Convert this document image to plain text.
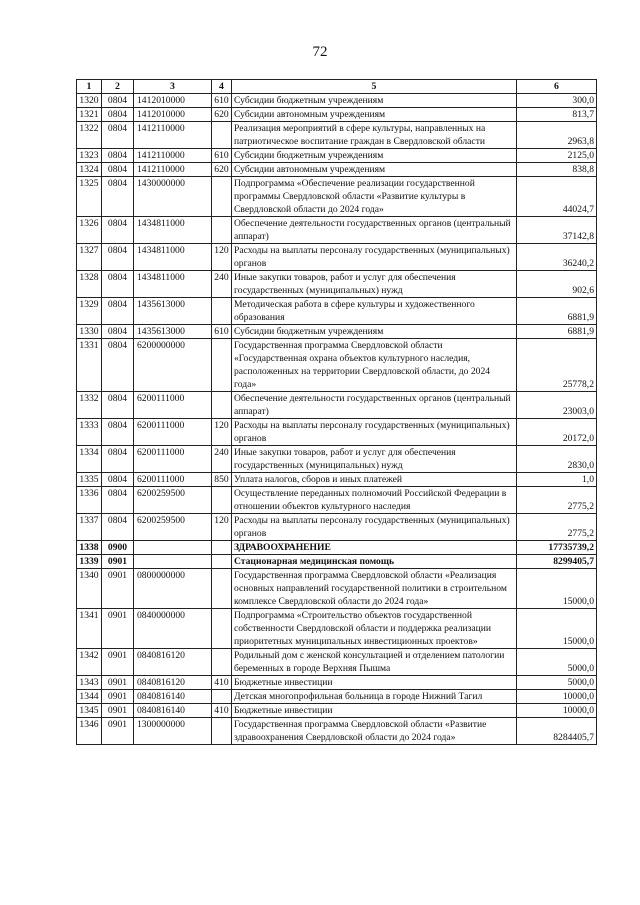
72
1	2	3	4	5	6
1320	0804	1412010000	610	Субсидии бюджетным учреждениям	300,0
1321	0804	1412010000	620	Субсидии автономным учреждениям	813,7
1322	0804	1412110000		Реализация мероприятий в сфере культуры, направленных на патриотическое воспитание граждан в Свердловской области	2963,8
1323	0804	1412110000	610	Субсидии бюджетным учреждениям	2125,0
1324	0804	1412110000	620	Субсидии автономным учреждениям	838,8
1325	0804	1430000000		Подпрограмма «Обеспечение реализации государственной программы Свердловской области «Развитие культуры в Свердловской области до 2024 года»	44024,7
1326	0804	1434811000		Обеспечение деятельности государственных органов (центральный аппарат)	37142,8
1327	0804	1434811000	120	Расходы на выплаты персоналу государственных (муниципальных) органов	36240,2
1328	0804	1434811000	240	Иные закупки товаров, работ и услуг для обеспечения государственных (муниципальных) нужд	902,6
1329	0804	1435613000		Методическая работа в сфере культуры и художественного образования	6881,9
1330	0804	1435613000	610	Субсидии бюджетным учреждениям	6881,9
1331	0804	6200000000		Государственная программа Свердловской области «Государственная охрана объектов культурного наследия, расположенных на территории Свердловской области, до 2024 года»	25778,2
1332	0804	6200111000		Обеспечение деятельности государственных органов (центральный аппарат)	23003,0
1333	0804	6200111000	120	Расходы на выплаты персоналу государственных (муниципальных) органов	20172,0
1334	0804	6200111000	240	Иные закупки товаров, работ и услуг для обеспечения государственных (муниципальных) нужд	2830,0
1335	0804	6200111000	850	Уплата налогов, сборов и иных платежей	1,0
1336	0804	6200259500		Осуществление переданных полномочий Российской Федерации в отношении объектов культурного наследия	2775,2
1337	0804	6200259500	120	Расходы на выплаты персоналу государственных (муниципальных) органов	2775,2
1338	0900			ЗДРАВООХРАНЕНИЕ	17735739,2
1339	0901			Стационарная медицинская помощь	8299405,7
1340	0901	0800000000		Государственная программа Свердловской области «Реализация основных направлений государственной политики в строительном комплексе Свердловской области до 2024 года»	15000,0
1341	0901	0840000000		Подпрограмма «Строительство объектов государственной собственности Свердловской области и поддержка реализации приоритетных муниципальных инвестиционных проектов»	15000,0
1342	0901	0840816120		Родильный дом с женской консультацией и отделением патологии беременных в городе Верхняя Пышма	5000,0
1343	0901	0840816120	410	Бюджетные инвестиции	5000,0
1344	0901	0840816140		Детская многопрофильная больница в городе Нижний Тагил	10000,0
1345	0901	0840816140	410	Бюджетные инвестиции	10000,0
1346	0901	1300000000		Государственная программа Свердловской области «Развитие здравоохранения Свердловской области до 2024 года»	8284405,7
